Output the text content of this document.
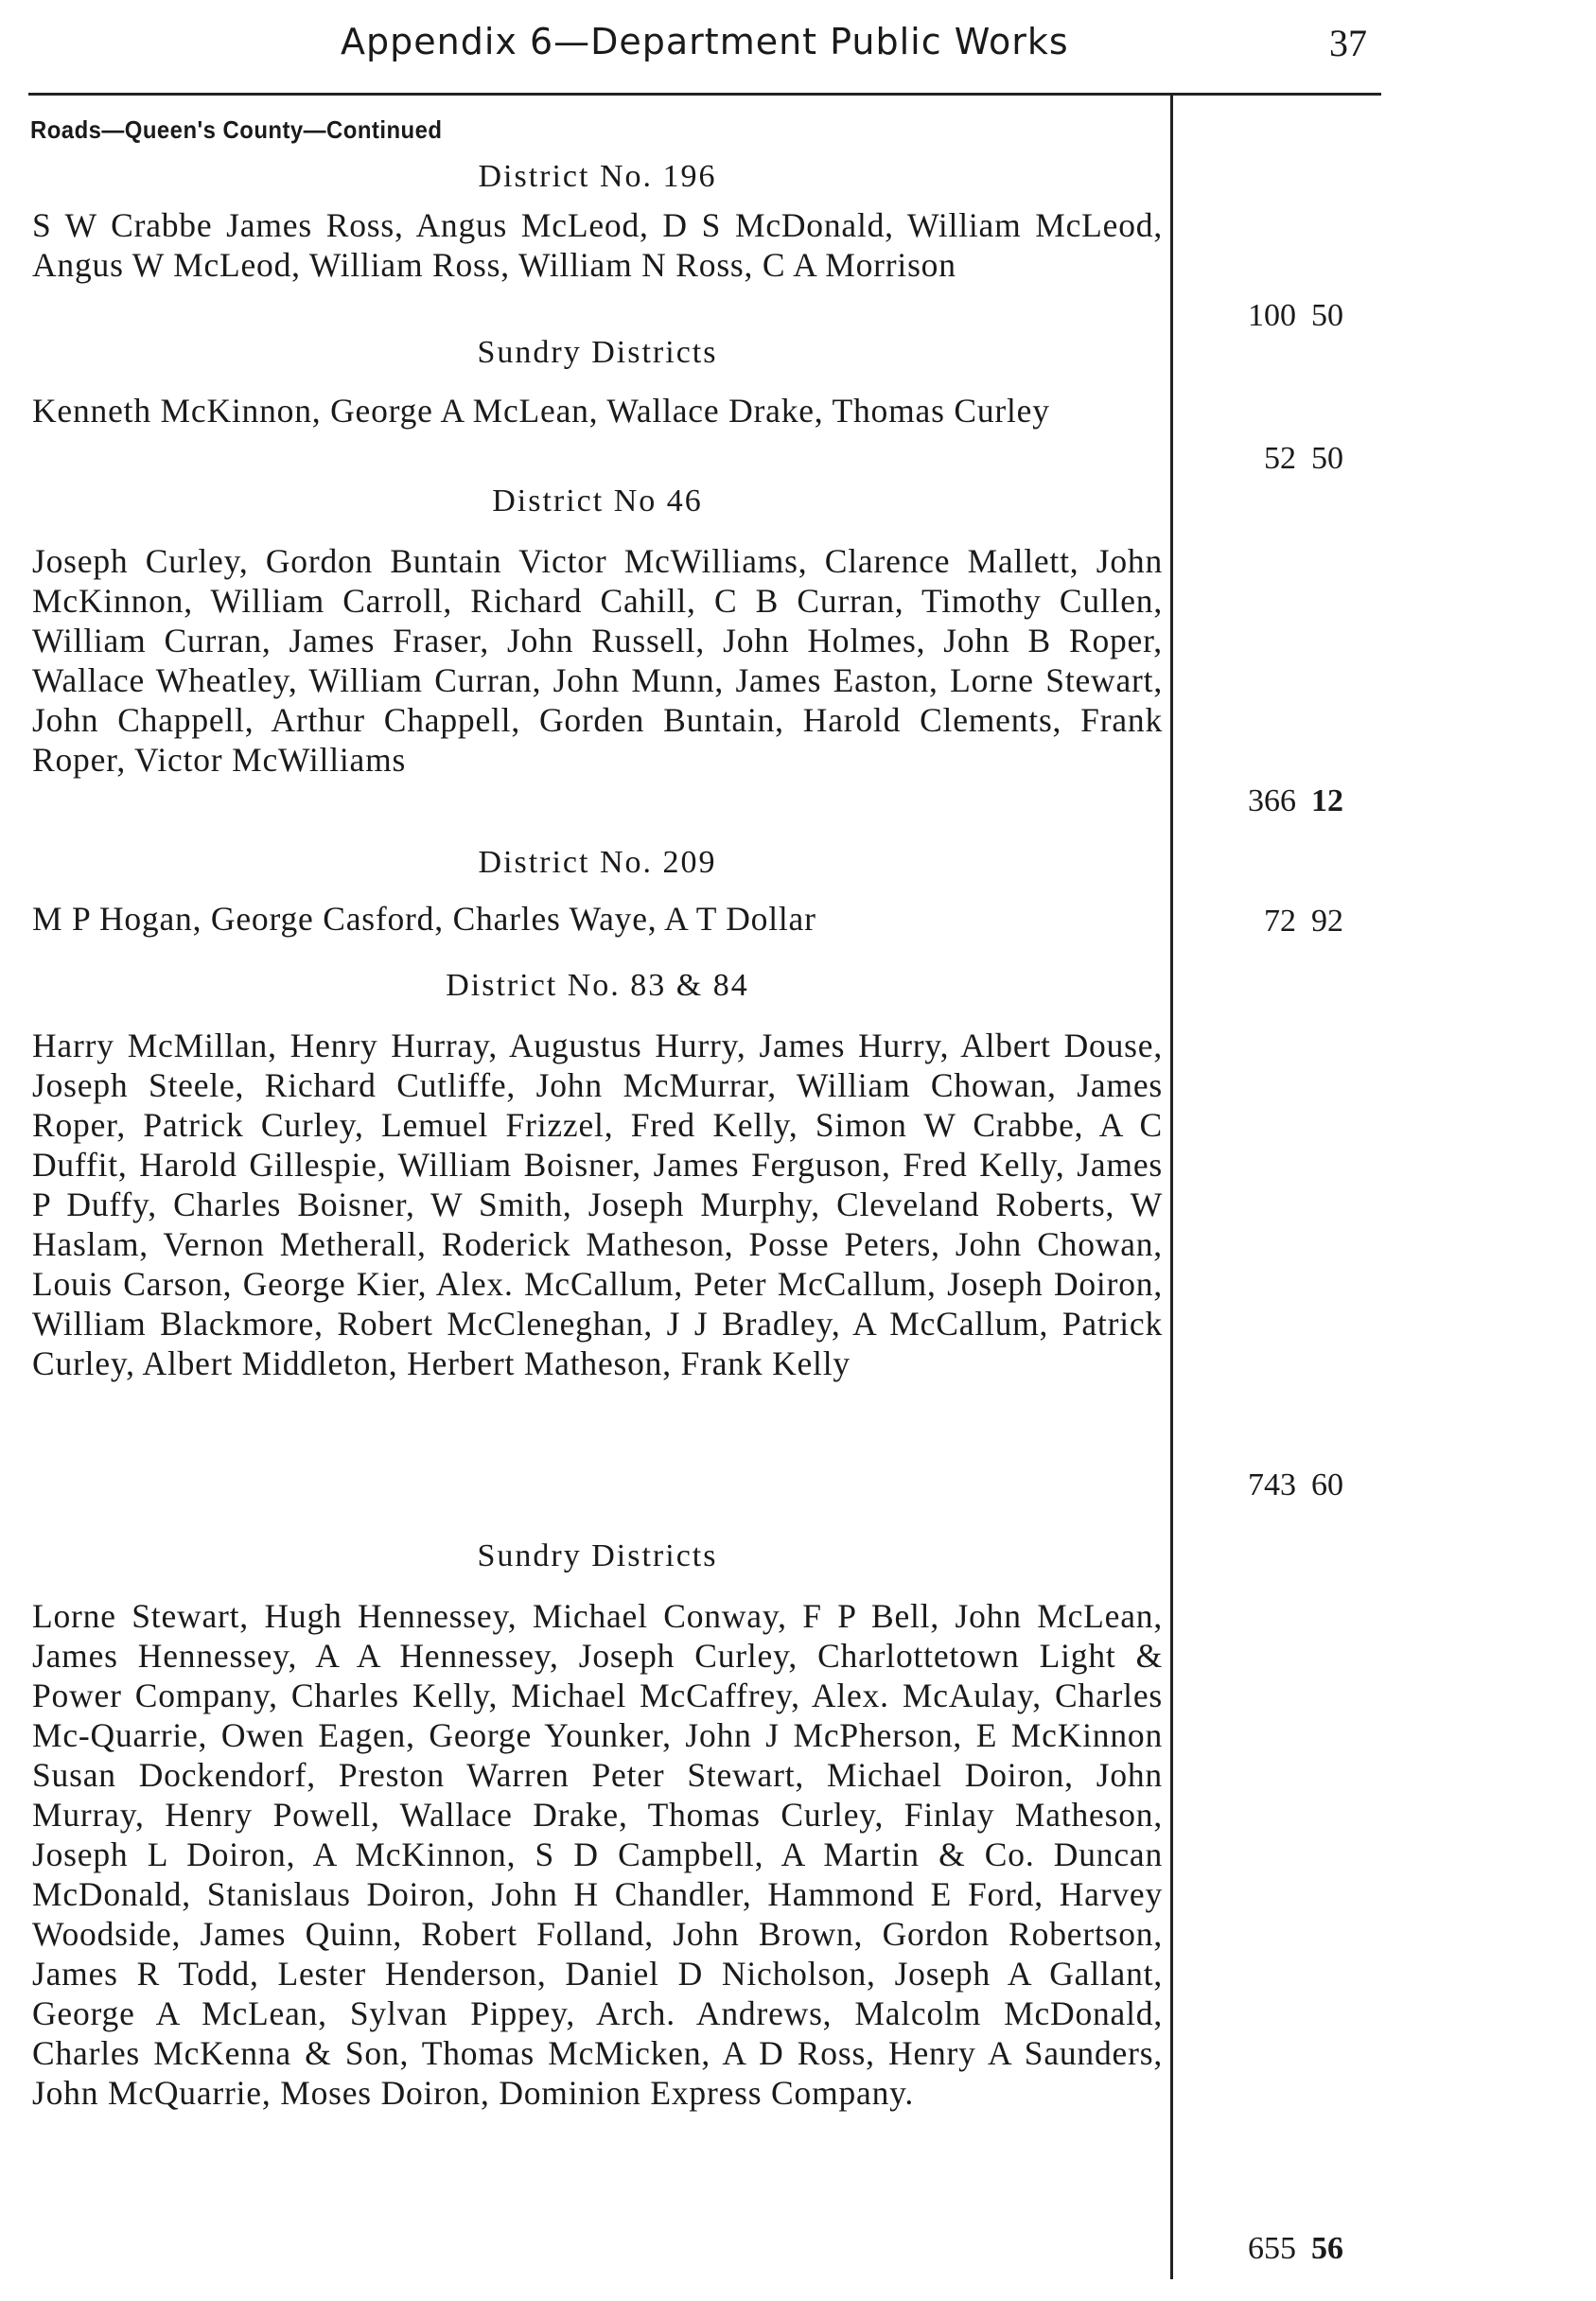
Appendix 6—Department Public Works	37
Roads—Queen's County—Continued

District No. 196

S W Crabbe James Ross, Angus McLeod, D S McDonald, William McLeod, Angus W McLeod, William Ross, William N Ross, C A Morrison

100 50

Sundry Districts

Kenneth McKinnon, George A McLean, Wallace Drake, Thomas Curley

52 50

District No 46

Joseph Curley, Gordon Buntain Victor McWilliams, Clarence Mallett, John McKinnon, William Carroll, Richard Cahill, C B Curran, Timothy Cullen, William Curran, James Fraser, John Russell, John Holmes, John B Roper, Wallace Wheatley, William Curran, John Munn, James Easton, Lorne Stewart, John Chappell, Arthur Chappell, Gorden Buntain, Harold Clements, Frank Roper, Victor McWilliams

366 12

District No. 209

M P Hogan, George Casford, Charles Waye, A T Dollar	72 92

District No. 83 & 84

Harry McMillan, Henry Hurray, Augustus Hurry, James Hurry, Albert Douse, Joseph Steele, Richard Cutliffe, John McMurrar, William Chowan, James Roper, Patrick Curley, Lemuel Frizzel, Fred Kelly, Simon W Crabbe, A C Duffit, Harold Gillespie, William Boisner, James Ferguson, Fred Kelly, James P Duffy, Charles Boisner, W Smith, Joseph Murphy, Cleveland Roberts, W Haslam, Vernon Metherall, Roderick Matheson, Posse Peters, John Chowan, Louis Carson, George Kier, Alex. McCallum, Peter McCallum, Joseph Doiron, William Blackmore, Robert McCleneghan, J J Bradley, A McCallum, Patrick Curley, Albert Middleton, Herbert Matheson, Frank Kelly

743 60

Sundry Districts

Lorne Stewart, Hugh Hennessey, Michael Conway, F P Bell, John McLean, James Hennessey, A A Hennessey, Joseph Curley, Charlottetown Light & Power Company, Charles Kelly, Michael McCaffrey, Alex. McAulay, Charles Mc-Quarrie, Owen Eagen, George Younker, John J McPherson, E McKinnon Susan Dockendorf, Preston Warren Peter Stewart, Michael Doiron, John Murray, Henry Powell, Wallace Drake, Thomas Curley, Finlay Matheson, Joseph L Doiron, A McKinnon, S D Campbell, A Martin & Co. Duncan McDonald, Stanislaus Doiron, John H Chandler, Hammond E Ford, Harvey Woodside, James Quinn, Robert Folland, John Brown, Gordon Robertson, James R Todd, Lester Henderson, Daniel D Nicholson, Joseph A Gallant, George A McLean, Sylvan Pippey, Arch. Andrews, Malcolm McDonald, Charles McKenna & Son, Thomas McMicken, A D Ross, Henry A Saunders, John McQuarrie, Moses Doiron, Dominion Express Company.

655 56
